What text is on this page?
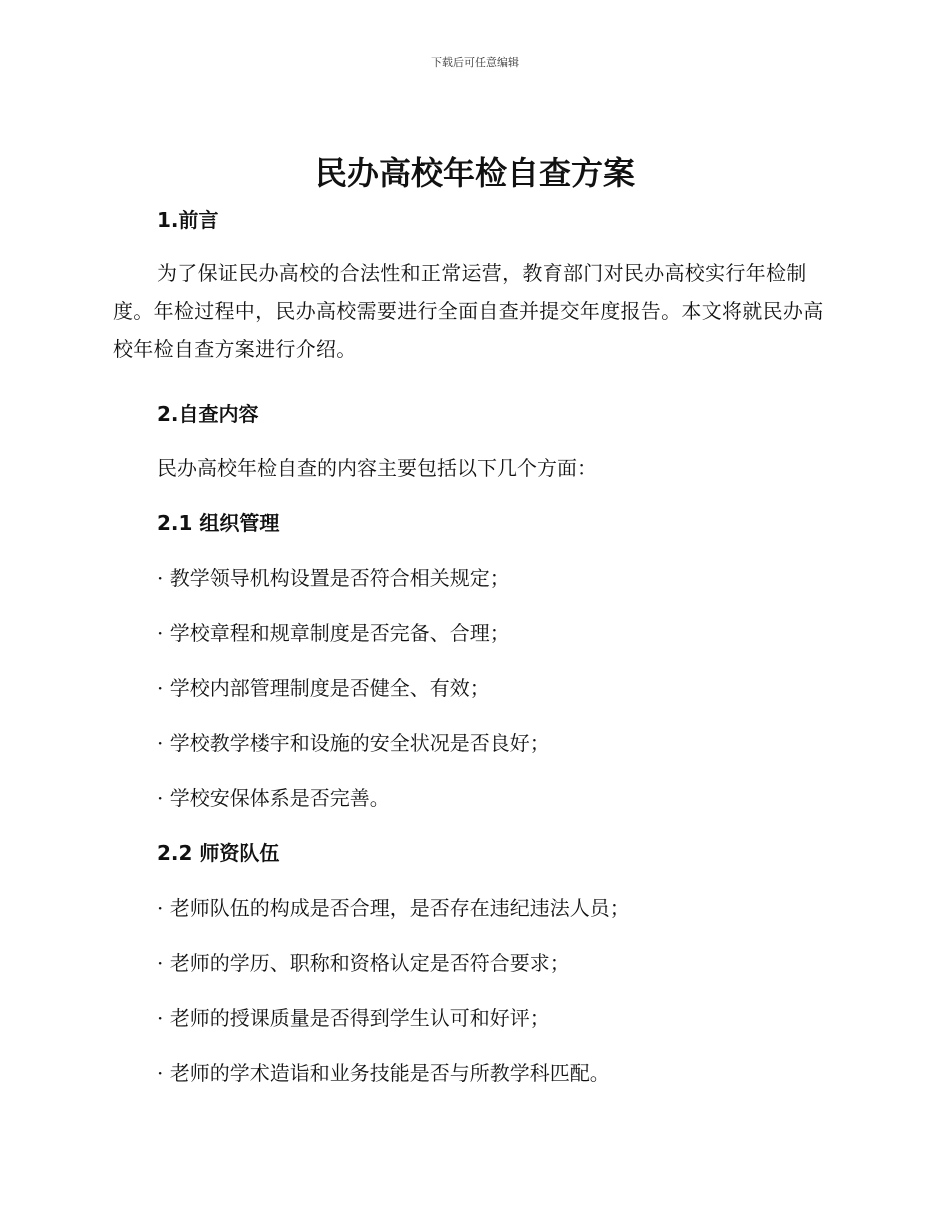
下载后可任意编辑
民办高校年检自查方案
1.前言

为了保证民办高校的合法性和正常运营，教育部门对民办高校实行年检制度。年检过程中，民办高校需要进行全面自查并提交年度报告。本文将就民办高校年检自查方案进行介绍。

2.自查内容

民办高校年检自查的内容主要包括以下几个方面：

2.1 组织管理

· 教学领导机构设置是否符合相关规定；

· 学校章程和规章制度是否完备、合理；

· 学校内部管理制度是否健全、有效；

· 学校教学楼宇和设施的安全状况是否良好；

· 学校安保体系是否完善。

2.2 师资队伍

· 老师队伍的构成是否合理，是否存在违纪违法人员；

· 老师的学历、职称和资格认定是否符合要求；

· 老师的授课质量是否得到学生认可和好评；

· 老师的学术造诣和业务技能是否与所教学科匹配。
